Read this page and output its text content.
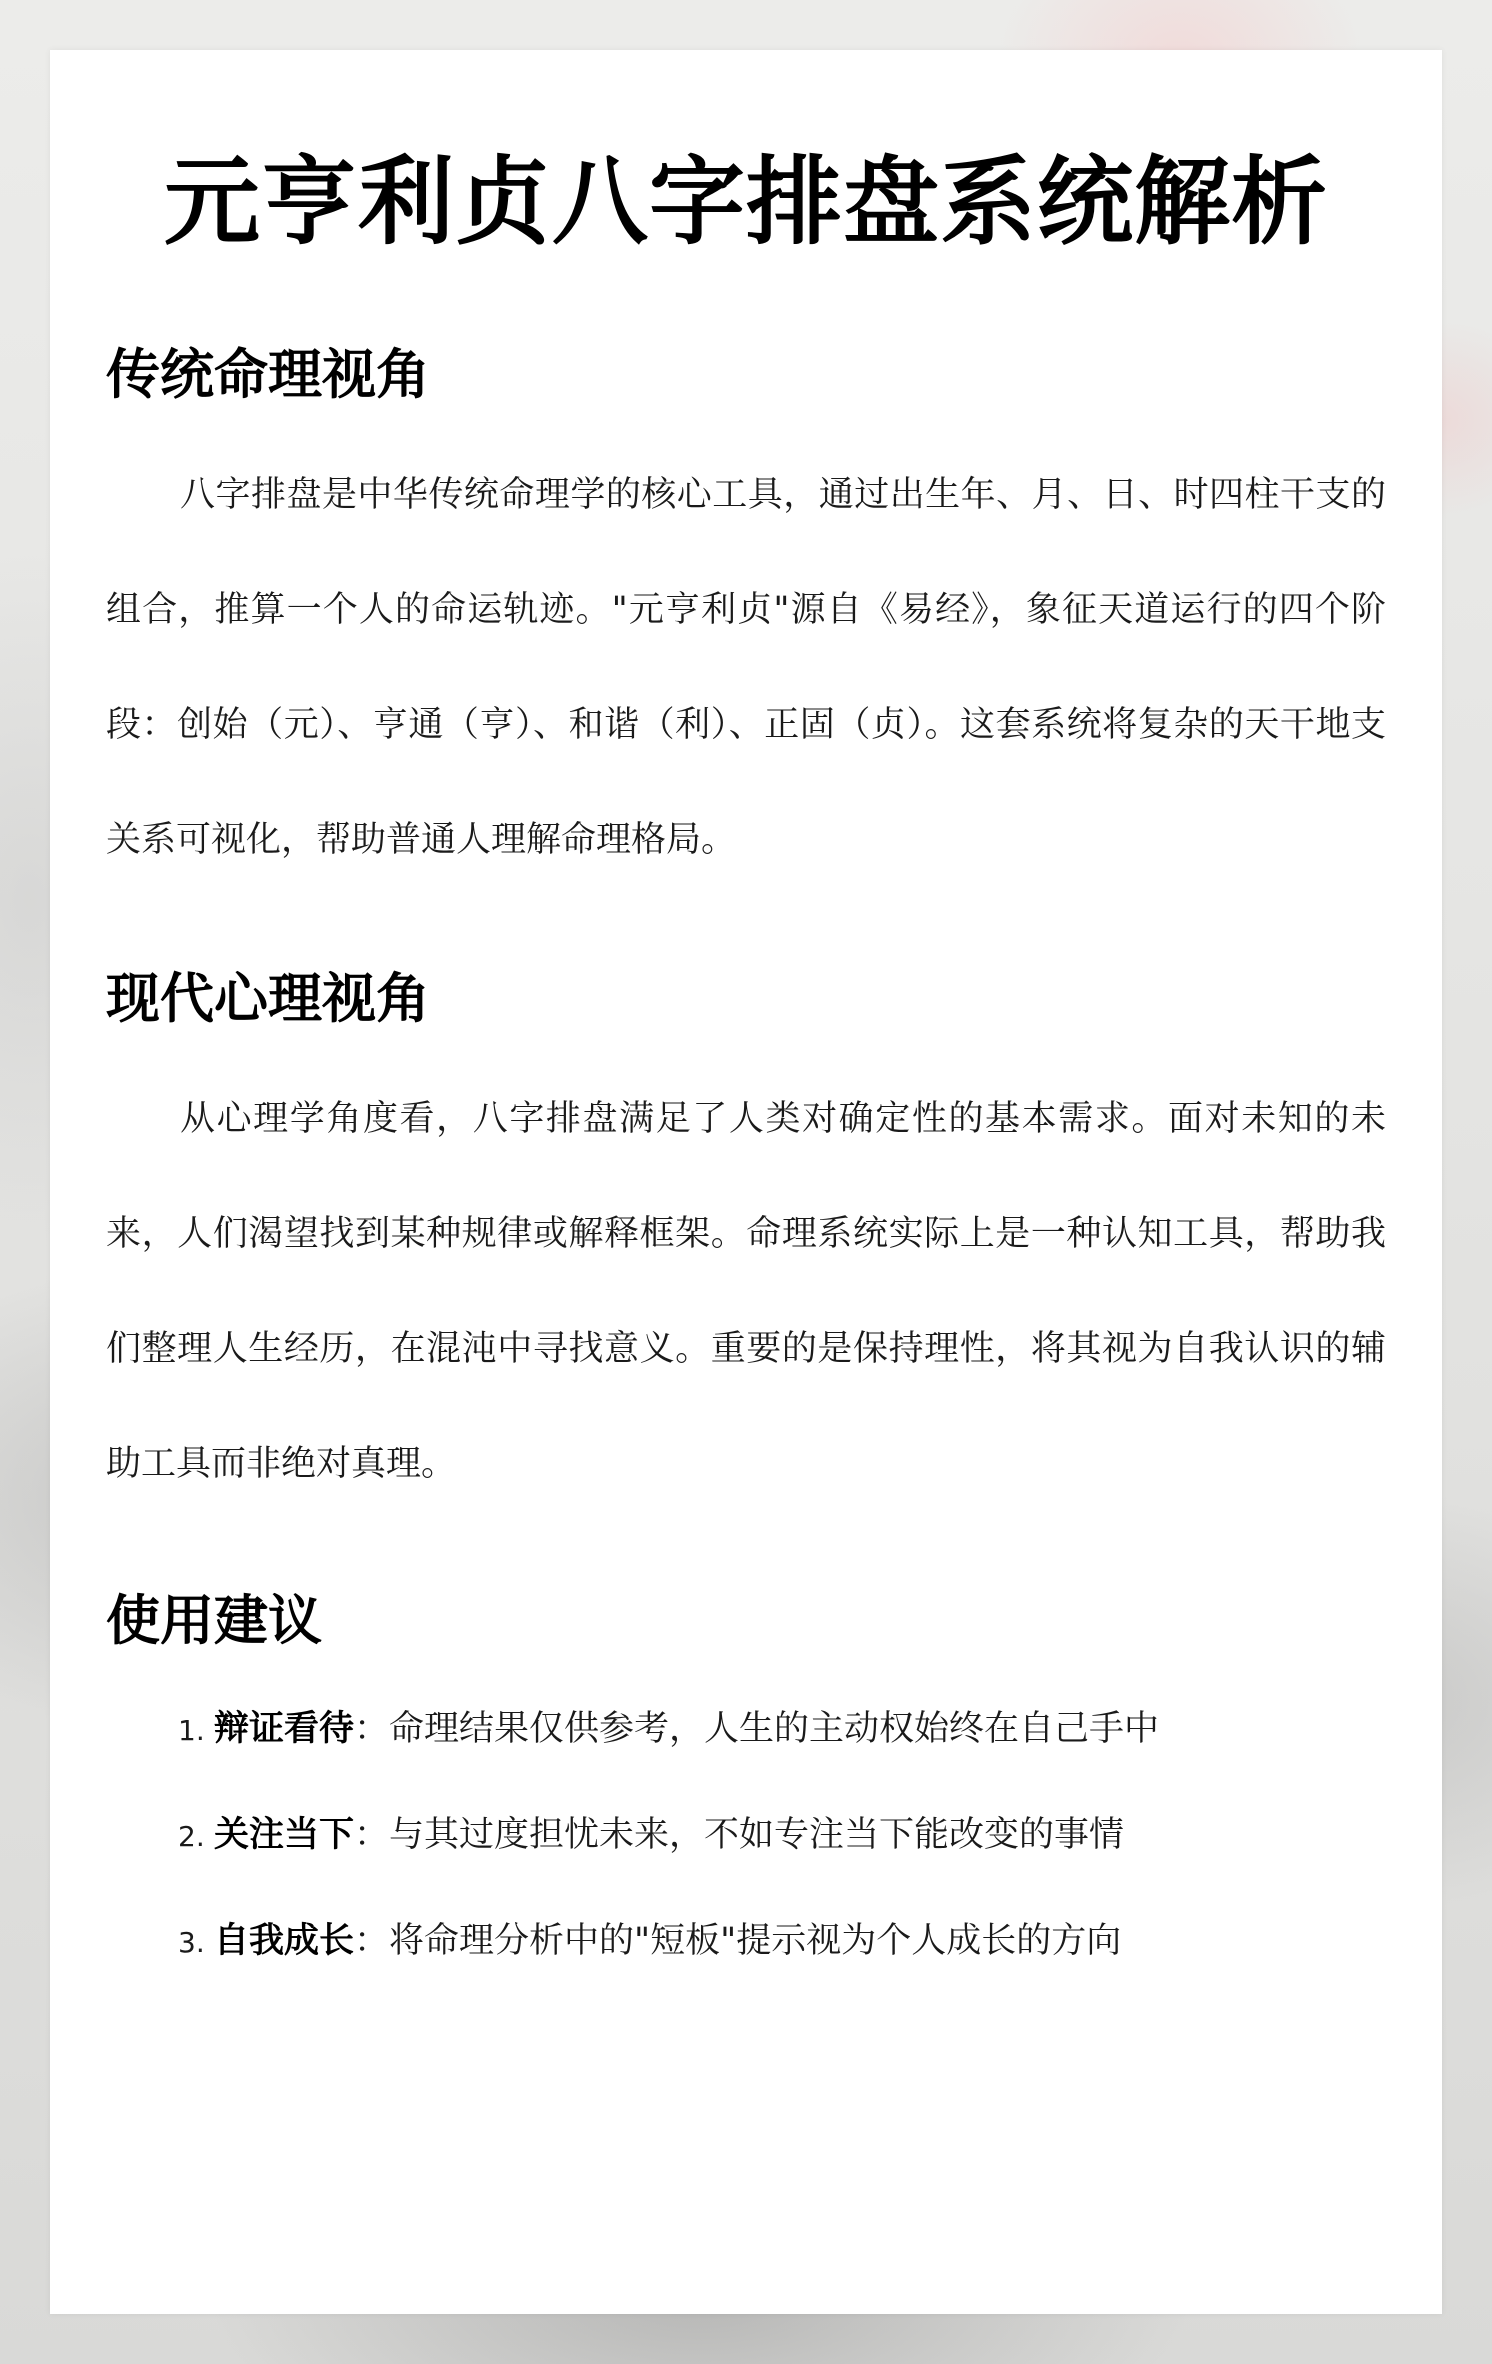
元亨利贞八字排盘系统解析
传统命理视角

八字排盘是中华传统命理学的核心工具，通过出生年、月、日、时四柱干支的组合，推算一个人的命运轨迹。"元亨利贞"源自《易经》，象征天道运行的四个阶段：创始（元）、亨通（亨）、和谐（利）、正固（贞）。这套系统将复杂的天干地支关系可视化，帮助普通人理解命理格局。

现代心理视角

从心理学角度看，八字排盘满足了人类对确定性的基本需求。面对未知的未来，人们渴望找到某种规律或解释框架。命理系统实际上是一种认知工具，帮助我们整理人生经历，在混沌中寻找意义。重要的是保持理性，将其视为自我认识的辅助工具而非绝对真理。

使用建议
1. 辩证看待：命理结果仅供参考，人生的主动权始终在自己手中
2. 关注当下：与其过度担忧未来，不如专注当下能改变的事情
3. 自我成长：将命理分析中的"短板"提示视为个人成长的方向
